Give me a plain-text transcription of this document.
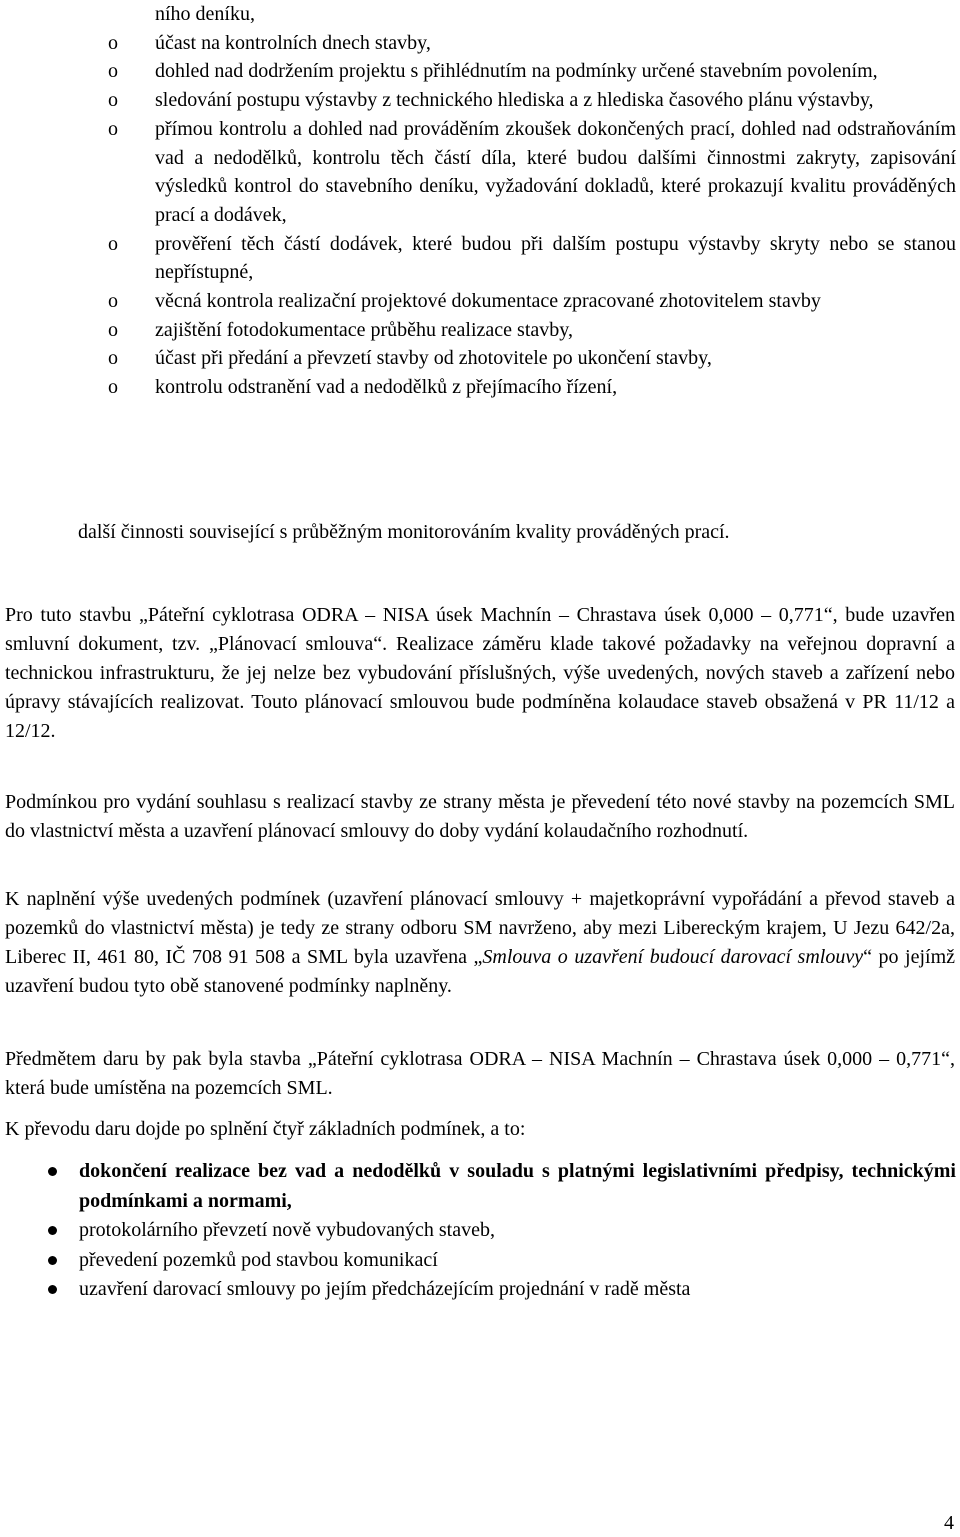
ního deníku,
o	účast na kontrolních dnech stavby,
o	dohled nad dodržením projektu s přihlédnutím na podmínky určené stavebním povolením,
o	sledování postupu výstavby z technického hlediska a z hlediska časového plánu výstavby,
o	přímou kontrolu a dohled nad prováděním zkoušek dokončených prací, dohled nad odstraňováním vad a nedodělků, kontrolu těch částí díla, které budou dalšími činnostmi zakryty, zapisování výsledků kontrol do stavebního deníku, vyžadování dokladů, které prokazují kvalitu prováděných prací a dodávek,
o	prověření těch částí dodávek, které budou při dalším postupu výstavby skryty nebo se stanou nepřístupné,
o	věcná kontrola realizační projektové dokumentace zpracované zhotovitelem stavby
o	zajištění fotodokumentace průběhu realizace stavby,
o	účast při předání a převzetí stavby od zhotovitele po ukončení stavby,
o	kontrolu odstranění vad a nedodělků z přejímacího řízení,

další činnosti související s průběžným monitorováním kvality prováděných prací.

Pro tuto stavbu „Páteřní cyklotrasa ODRA – NISA úsek Machnín – Chrastava úsek 0,000 – 0,771“, bude uzavřen smluvní dokument, tzv. „Plánovací smlouva“. Realizace záměru klade takové požadavky na veřejnou dopravní a technickou infrastrukturu, že jej nelze bez vybudování příslušných, výše uvedených, nových staveb a zařízení nebo úpravy stávajících realizovat. Touto plánovací smlouvou bude podmíněna kolaudace staveb obsažená v PR 11/12 a 12/12.

Podmínkou pro vydání souhlasu s realizací stavby ze strany města je převedení této nové stavby na pozemcích SML do vlastnictví města a uzavření plánovací smlouvy do doby vydání kolaudačního rozhodnutí.

K naplnění výše uvedených podmínek (uzavření plánovací smlouvy + majetkoprávní vypořádání a převod staveb a pozemků do vlastnictví města) je tedy ze strany odboru SM navrženo, aby mezi Libereckým krajem, U Jezu 642/2a, Liberec II, 461 80, IČ 708 91 508 a SML byla uzavřena „Smlouva o uzavření budoucí darovací smlouvy“ po jejímž uzavření budou tyto obě stanovené podmínky naplněny.

Předmětem daru by pak byla stavba „Páteřní cyklotrasa ODRA – NISA Machnín – Chrastava úsek 0,000 – 0,771“, která bude umístěna na pozemcích SML.

K převodu daru dojde po splnění čtyř základních podmínek, a to:

dokončení realizace bez vad a nedodělků v souladu s platnými legislativními předpisy, technickými podmínkami a normami,
protokolárního převzetí nově vybudovaných staveb,
převedení pozemků pod stavbou komunikací
uzavření darovací smlouvy po jejím předcházejícím projednání v radě města
4
